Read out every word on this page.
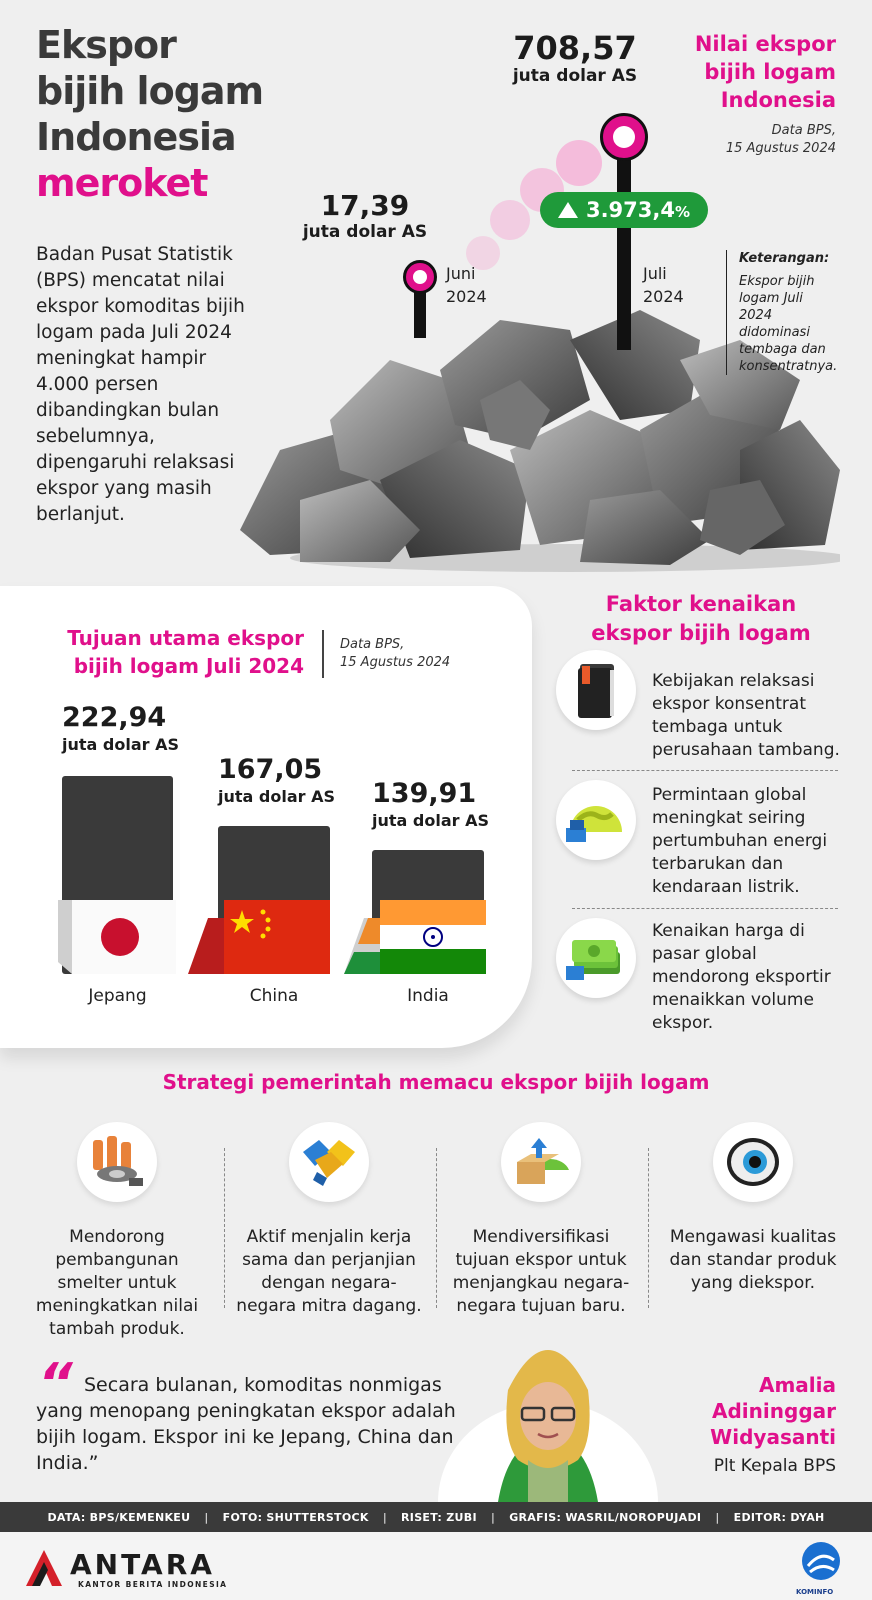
Ekspor
bijih logam
Indonesia
meroket

Badan Pusat Statistik (BPS) mencatat nilai ekspor komoditas bijih logam pada Juli 2024 meningkat hampir 4.000 persen dibandingkan bulan sebelumnya, dipengaruhi relaksasi ekspor yang masih berlanjut.

708,57
juta dolar AS
17,39
juta dolar AS
3.973,4%
Juni
2024
Juli
2024
Nilai ekspor
bijih logam
Indonesia
Data BPS,
15 Agustus 2024
Keterangan:
Ekspor bijih logam Juli 2024 didominasi tembaga dan konsentratnya.
Tujuan utama ekspor
bijih logam Juli 2024
Data BPS,
15 Agustus 2024
222,94
juta dolar AS
Jepang
167,05
juta dolar AS
China
139,91
juta dolar AS
India
Faktor kenaikan
ekspor bijih logam
Kebijakan relaksasi ekspor konsentrat tembaga untuk perusahaan tambang.
Permintaan global meningkat seiring pertumbuhan energi terbarukan dan kendaraan listrik.
Kenaikan harga di pasar global mendorong eksportir menaikkan volume ekspor.
Strategi pemerintah memacu ekspor bijih logam
Mendorong pembangunan smelter untuk meningkatkan nilai tambah produk.
Aktif menjalin kerja sama dan perjanjian dengan negara-negara mitra dagang.
Mendiversifikasi tujuan ekspor untuk menjangkau negara-negara tujuan baru.
Mengawasi kualitas dan standar produk yang diekspor.
“ Secara bulanan, komoditas nonmigas yang menopang peningkatan ekspor adalah bijih logam. Ekspor ini ke Jepang, China dan India.”

Amalia
Adininggar
Widyasanti
Plt Kepala BPS
DATA: BPS/KEMENKEU | FOTO: SHUTTERSTOCK | RISET: ZUBI | GRAFIS: WASRIL/NOROPUJADI | EDITOR: DYAH
ANTARA
KANTOR BERITA INDONESIA
KOMINFO
